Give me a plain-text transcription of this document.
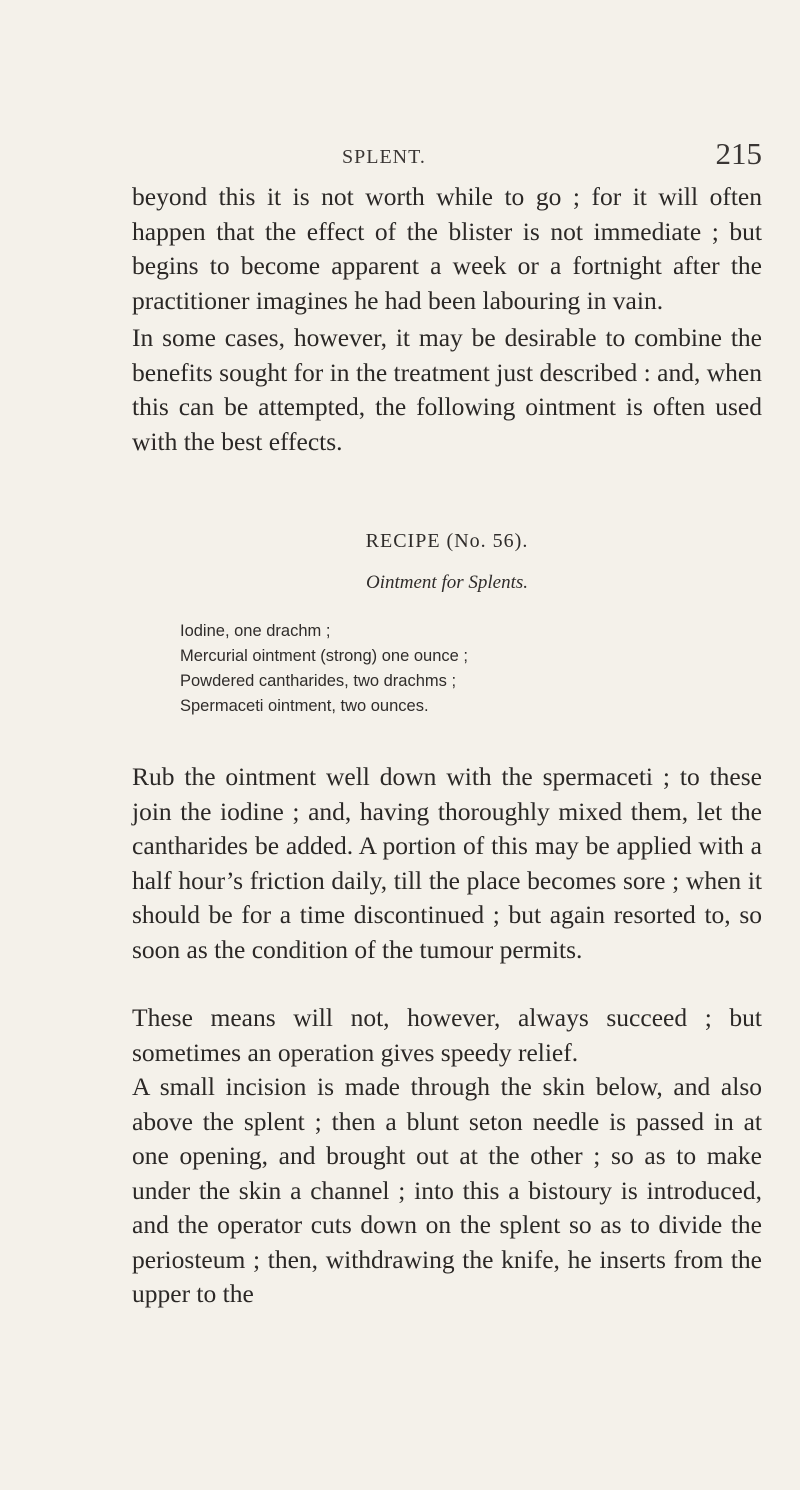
SPLENT.	215

beyond this it is not worth while to go ; for it will often happen that the effect of the blister is not immediate ; but begins to become apparent a week or a fortnight after the practitioner imagines he had been labouring in vain.

In some cases, however, it may be desirable to combine the benefits sought for in the treatment just described : and, when this can be attempted, the following ointment is often used with the best effects.

RECIPE (No. 56).
Ointment for Splents.
Iodine, one drachm ;
Mercurial ointment (strong) one ounce ;
Powdered cantharides, two drachms ;
Spermaceti ointment, two ounces.

Rub the ointment well down with the spermaceti ; to these join the iodine ; and, having thoroughly mixed them, let the cantharides be added. A portion of this may be applied with a half hour’s friction daily, till the place becomes sore ; when it should be for a time discontinued ; but again resorted to, so soon as the condition of the tumour permits.

These means will not, however, always succeed ; but sometimes an operation gives speedy relief.

A small incision is made through the skin below, and also above the splent ; then a blunt seton needle is passed in at one opening, and brought out at the other ; so as to make under the skin a channel ; into this a bistoury is introduced, and the operator cuts down on the splent so as to divide the periosteum ; then, withdrawing the knife, he inserts from the upper to the
